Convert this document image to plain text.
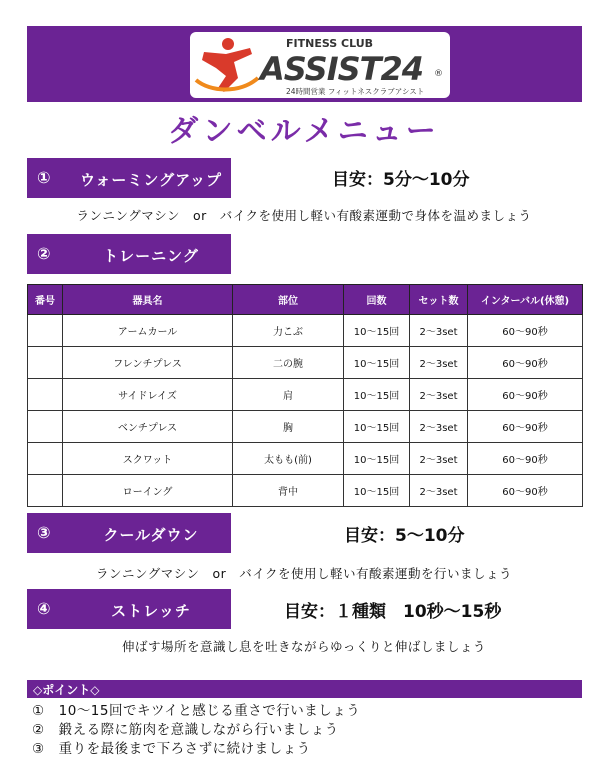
FITNESS CLUB
ASSIST24 ®
24時間営業 フィットネスクラブアシスト
ダンベルメニュー
①	ウォーミングアップ	目安：5分～10分
ランニングマシン　or　バイクを使用し軽い有酸素運動で身体を温めましょう
②	トレーニング
番号	器具名	部位	回数	セット数	インターバル(休憩)
	アームカール	力こぶ	10～15回	2～3set	60～90秒
	フレンチプレス	二の腕	10～15回	2～3set	60～90秒
	サイドレイズ	肩	10～15回	2～3set	60～90秒
	ベンチプレス	胸	10～15回	2～3set	60～90秒
	スクワット	太もも(前)	10～15回	2～3set	60～90秒
	ローイング	背中	10～15回	2～3set	60～90秒
③	クールダウン	目安：5～10分
ランニングマシン　or　バイクを使用し軽い有酸素運動を行いましょう
④	ストレッチ	目安：１種類　10秒～15秒
伸ばす場所を意識し息を吐きながらゆっくりと伸ばしましょう
◇ポイント◇
①　10～15回でキツイと感じる重さで行いましょう
②　鍛える際に筋肉を意識しながら行いましょう
③　重りを最後まで下ろさずに続けましょう
